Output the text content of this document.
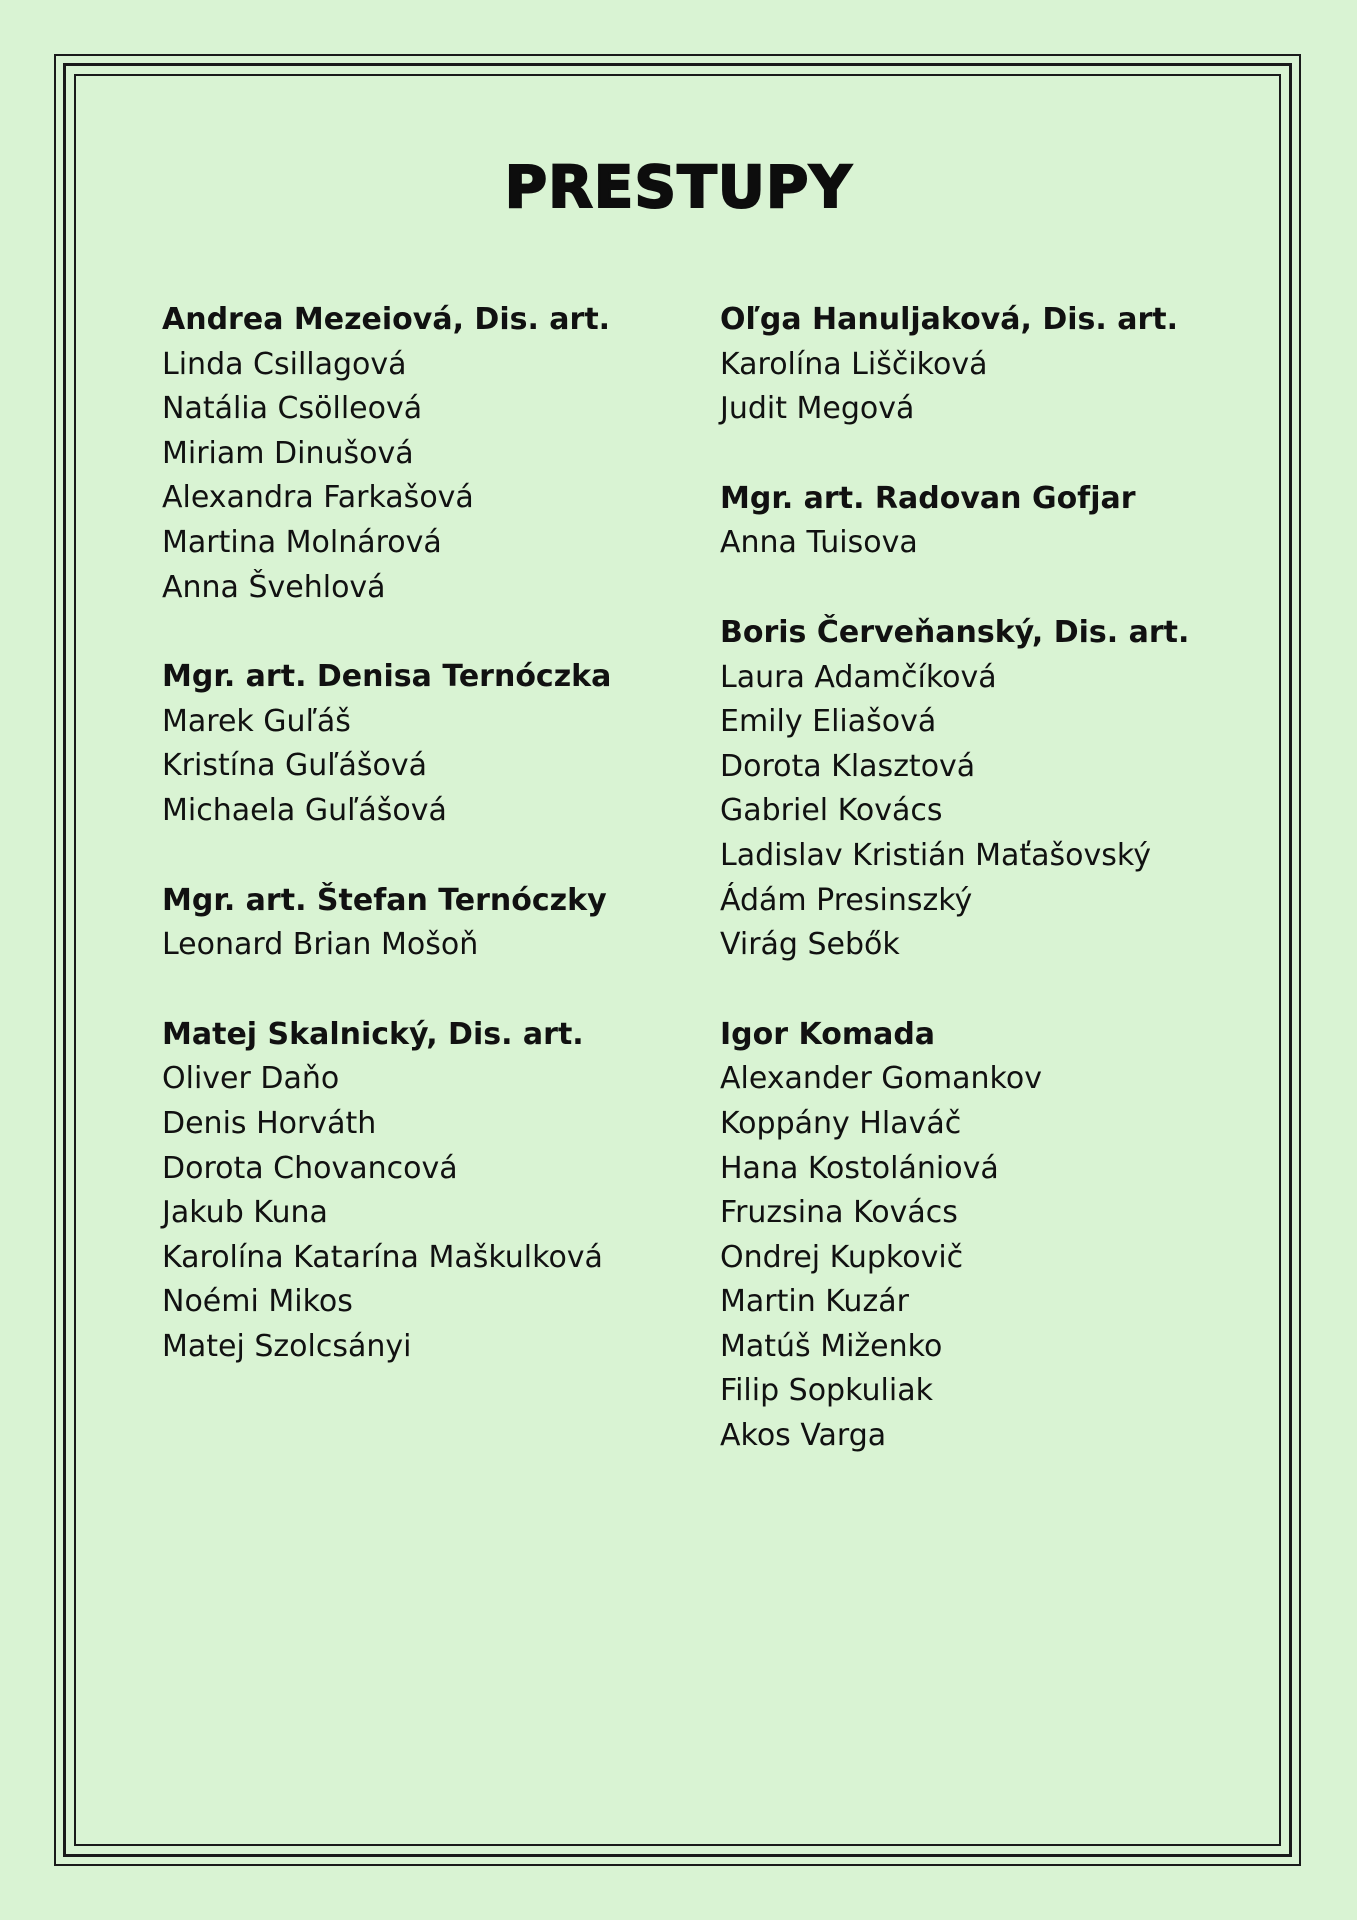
PRESTUPY
Andrea Mezeiová, Dis. art.
Linda Csillagová
Natália Csölleová
Miriam Dinušová
Alexandra Farkašová
Martina Molnárová
Anna Švehlová
Mgr. art. Denisa Ternóczka
Marek Guľáš
Kristína Guľášová
Michaela Guľášová
Mgr. art. Štefan Ternóczky
Leonard Brian Mošoň
Matej Skalnický, Dis. art.
Oliver Daňo
Denis Horváth
Dorota Chovancová
Jakub Kuna
Karolína Katarína Maškulková
Noémi Mikos
Matej Szolcsányi
Oľga Hanuljaková, Dis. art.
Karolína Liščiková
Judit Megová
Mgr. art. Radovan Gofjar
Anna Tuisova
Boris Červeňanský, Dis. art.
Laura Adamčíková
Emily Eliašová
Dorota Klasztová
Gabriel Kovács
Ladislav Kristián Maťašovský
Ádám Presinszký
Virág Sebők
Igor Komada
Alexander Gomankov
Koppány Hlaváč
Hana Kostolániová
Fruzsina Kovács
Ondrej Kupkovič
Martin Kuzár
Matúš Miženko
Filip Sopkuliak
Akos Varga
